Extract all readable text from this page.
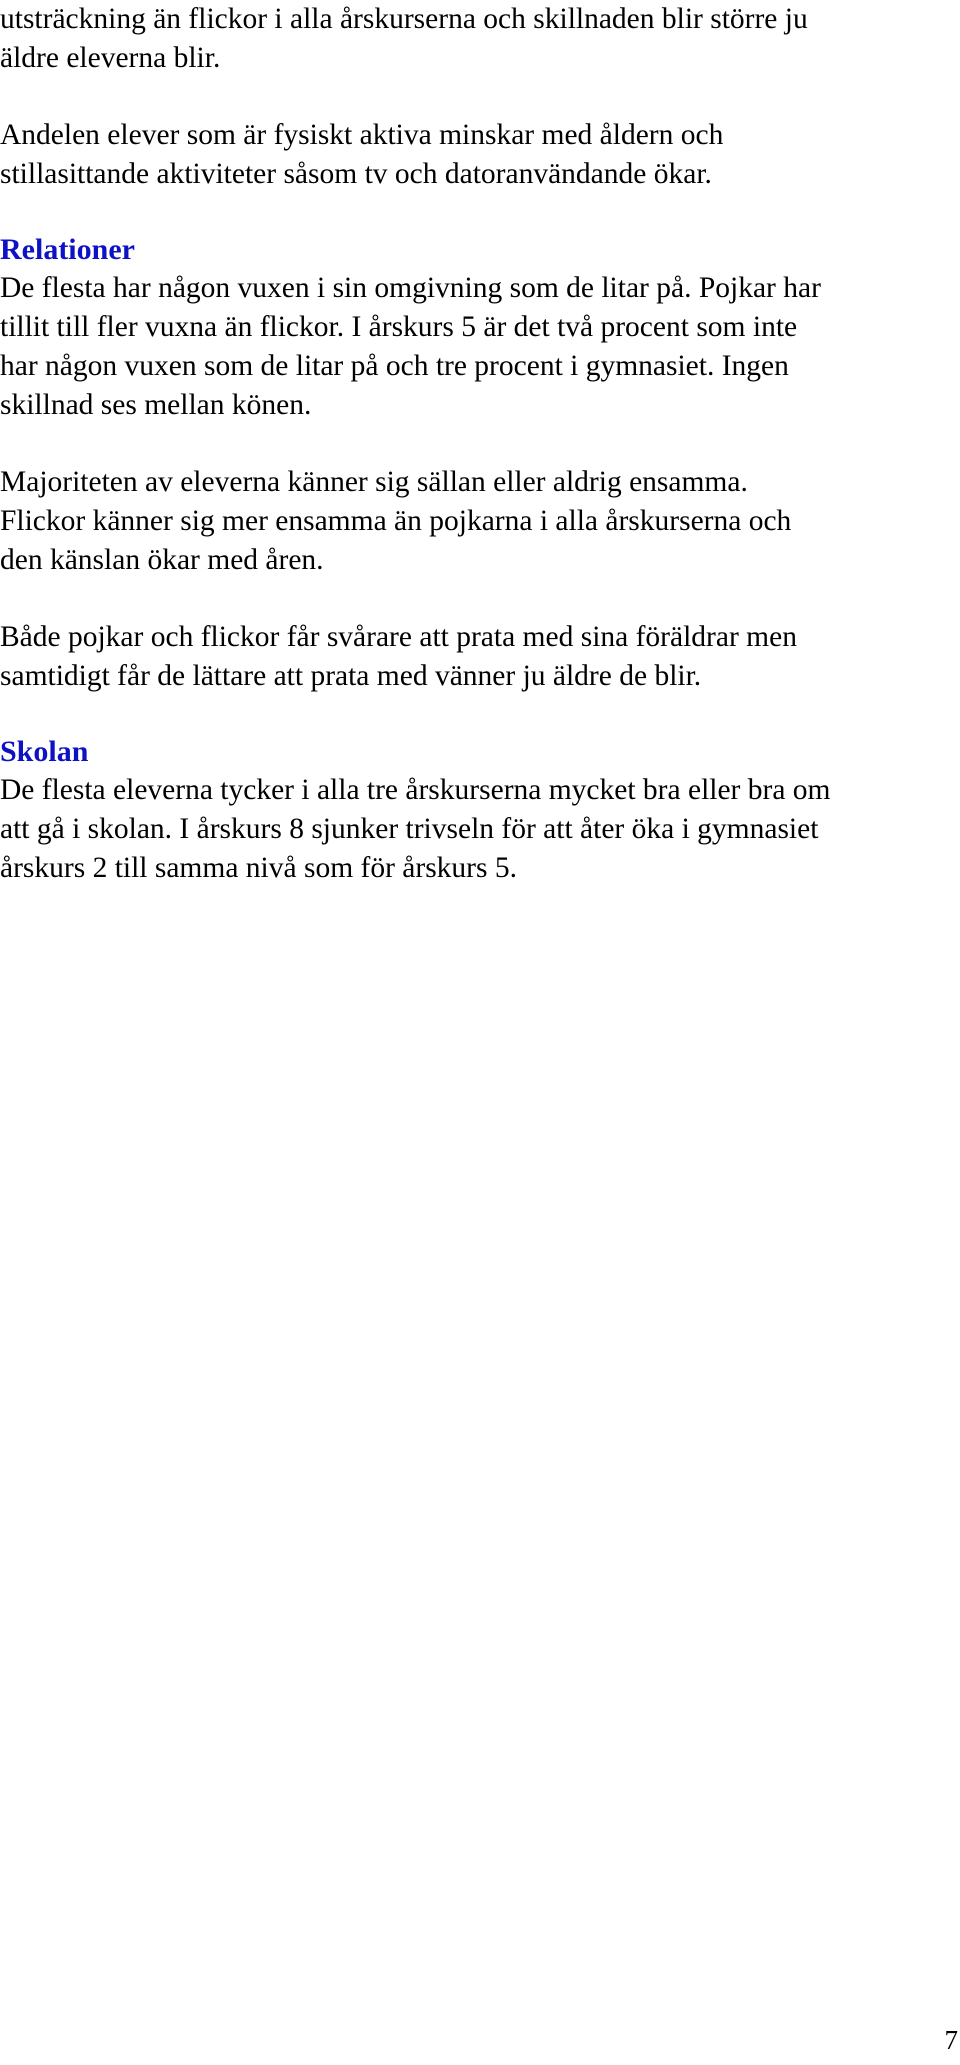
utsträckning än flickor i alla årskurserna och skillnaden blir större ju
äldre eleverna blir.

Andelen elever som är fysiskt aktiva minskar med åldern och
stillasittande aktiviteter såsom tv och datoranvändande ökar.

Relationer

De flesta har någon vuxen i sin omgivning som de litar på. Pojkar har
tillit till fler vuxna än flickor. I årskurs 5 är det två procent som inte
har någon vuxen som de litar på och tre procent i gymnasiet. Ingen
skillnad ses mellan könen.

Majoriteten av eleverna känner sig sällan eller aldrig ensamma.
Flickor känner sig mer ensamma än pojkarna i alla årskurserna och
den känslan ökar med åren.

Både pojkar och flickor får svårare att prata med sina föräldrar men
samtidigt får de lättare att prata med vänner ju äldre de blir.

Skolan

De flesta eleverna tycker i alla tre årskurserna mycket bra eller bra om
att gå i skolan. I årskurs 8 sjunker trivseln för att åter öka i gymnasiet
årskurs 2 till samma nivå som för årskurs 5.

7
